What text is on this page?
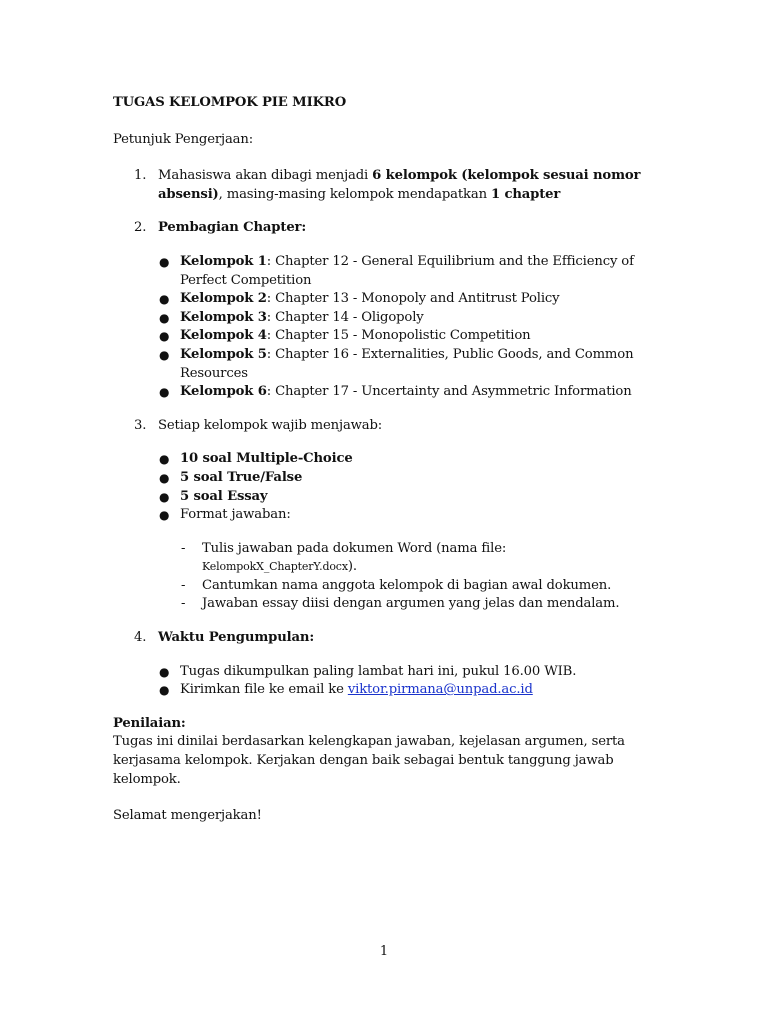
TUGAS KELOMPOK PIE MIKRO

Petunjuk Pengerjaan:

1. Mahasiswa akan dibagi menjadi 6 kelompok (kelompok sesuai nomor absensi), masing-masing kelompok mendapatkan 1 chapter
2. Pembagian Chapter:
● Kelompok 1: Chapter 12 - General Equilibrium and the Efficiency of Perfect Competition
● Kelompok 2: Chapter 13 - Monopoly and Antitrust Policy
● Kelompok 3: Chapter 14 - Oligopoly
● Kelompok 4: Chapter 15 - Monopolistic Competition
● Kelompok 5: Chapter 16 - Externalities, Public Goods, and Common Resources
● Kelompok 6: Chapter 17 - Uncertainty and Asymmetric Information
3. Setiap kelompok wajib menjawab:
● 10 soal Multiple-Choice
● 5 soal True/False
● 5 soal Essay
● Format jawaban:
- Tulis jawaban pada dokumen Word (nama file: KelompokX_ChapterY.docx).
- Cantumkan nama anggota kelompok di bagian awal dokumen.
- Jawaban essay diisi dengan argumen yang jelas dan mendalam.
4. Waktu Pengumpulan:
● Tugas dikumpulkan paling lambat hari ini, pukul 16.00 WIB.
● Kirimkan file ke email ke viktor.pirmana@unpad.ac.id

Penilaian:

Tugas ini dinilai berdasarkan kelengkapan jawaban, kejelasan argumen, serta kerjasama kelompok. Kerjakan dengan baik sebagai bentuk tanggung jawab kelompok.

Selamat mengerjakan!

1
